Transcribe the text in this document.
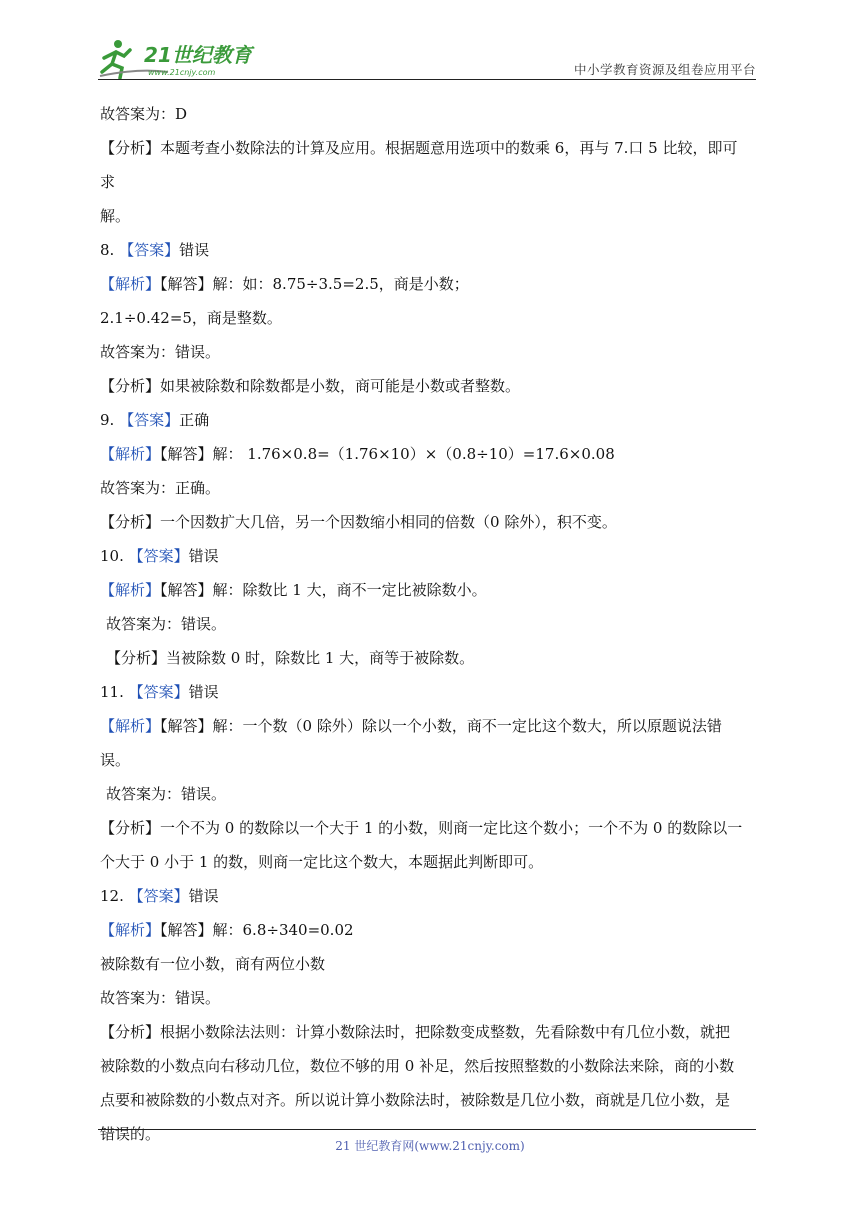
21世纪教育
www.21cnjy.com	中小学教育资源及组卷应用平台
故答案为：D
【分析】本题考查小数除法的计算及应用。根据题意用选项中的数乘 6，再与 7.口 5 比较，即可
求
解。
8. 【答案】错误
【解析】【解答】解：如：8.75÷3.5=2.5，商是小数；
2.1÷0.42=5，商是整数。
故答案为：错误。
【分析】如果被除数和除数都是小数，商可能是小数或者整数。
9. 【答案】正确
【解析】【解答】解： 1.76×0.8=（1.76×10）×（0.8÷10）=17.6×0.08
故答案为：正确。
【分析】一个因数扩大几倍，另一个因数缩小相同的倍数（0 除外），积不变。
10. 【答案】错误
【解析】【解答】解：除数比 1 大，商不一定比被除数小。
故答案为：错误。
【分析】当被除数 0 时，除数比 1 大，商等于被除数。
11. 【答案】错误
【解析】【解答】解：一个数（0 除外）除以一个小数，商不一定比这个数大，所以原题说法错
误。
故答案为：错误。
【分析】一个不为 0 的数除以一个大于 1 的小数，则商一定比这个数小；一个不为 0 的数除以一
个大于 0 小于 1 的数，则商一定比这个数大，本题据此判断即可。
12. 【答案】错误
【解析】【解答】解：6.8÷340=0.02
被除数有一位小数，商有两位小数
故答案为：错误。
【分析】根据小数除法法则：计算小数除法时，把除数变成整数，先看除数中有几位小数，就把
被除数的小数点向右移动几位，数位不够的用 0 补足，然后按照整数的小数除法来除，商的小数
点要和被除数的小数点对齐。所以说计算小数除法时，被除数是几位小数，商就是几位小数，是
错误的。
21 世纪教育网(www.21cnjy.com)
